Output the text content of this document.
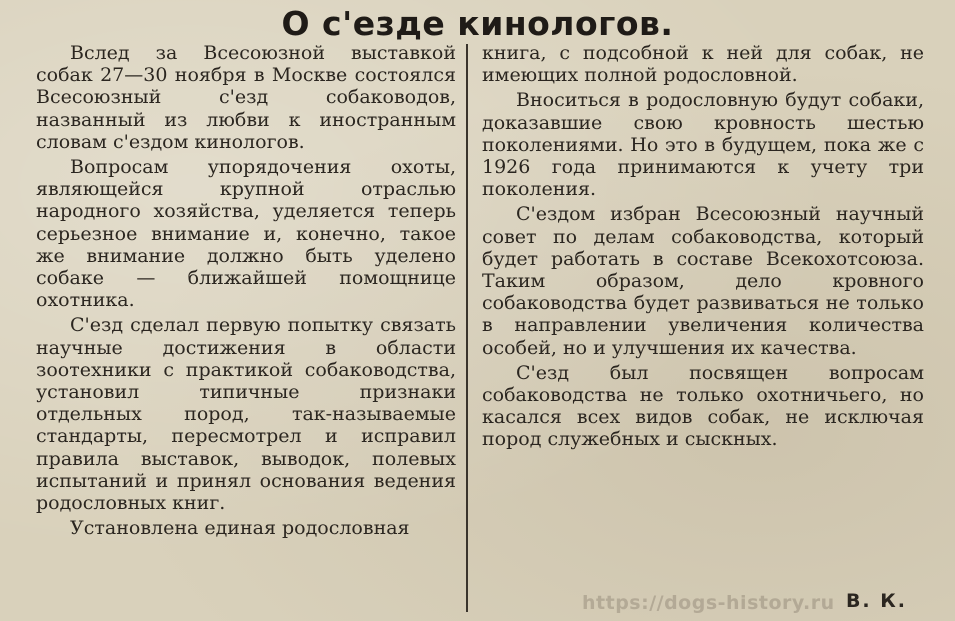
О с'езде кинологов.

Вслед за Всесоюзной выставкой собак 27—30 ноября в Москве состоялся Всесоюзный с'езд собаководов, названный из любви к иностранным словам с'ездом кинологов.

Вопросам упорядочения охоты, являющейся крупной отраслью народного хозяйства, уделяется теперь серьезное внимание и, конечно, такое же внимание должно быть уделено собаке — ближайшей помощнице охотника.

С'езд сделал первую попытку связать научные достижения в области зоотехники с практикой собаководства, установил типичные признаки отдельных пород, так-называемые стандарты, пересмотрел и исправил правила выставок, выводок, полевых испытаний и принял основания ведения родословных книг.

Установлена единая родословная

книга, с подсобной к ней для собак, не имеющих полной родословной.

Вноситься в родословную будут собаки, доказавшие свою кровность шестью поколениями. Но это в будущем, пока же с 1926 года принимаются к учету три поколения.

С'ездом избран Всесоюзный научный совет по делам собаководства, который будет работать в составе Всекохотсоюза. Таким образом, дело кровного собаководства будет развиваться не только в направлении увеличения количества особей, но и улучшения их качества.

С'езд был посвящен вопросам собаководства не только охотничьего, но касался всех видов собак, не исключая пород служебных и сыскных.

https://dogs-history.ru В. К.
